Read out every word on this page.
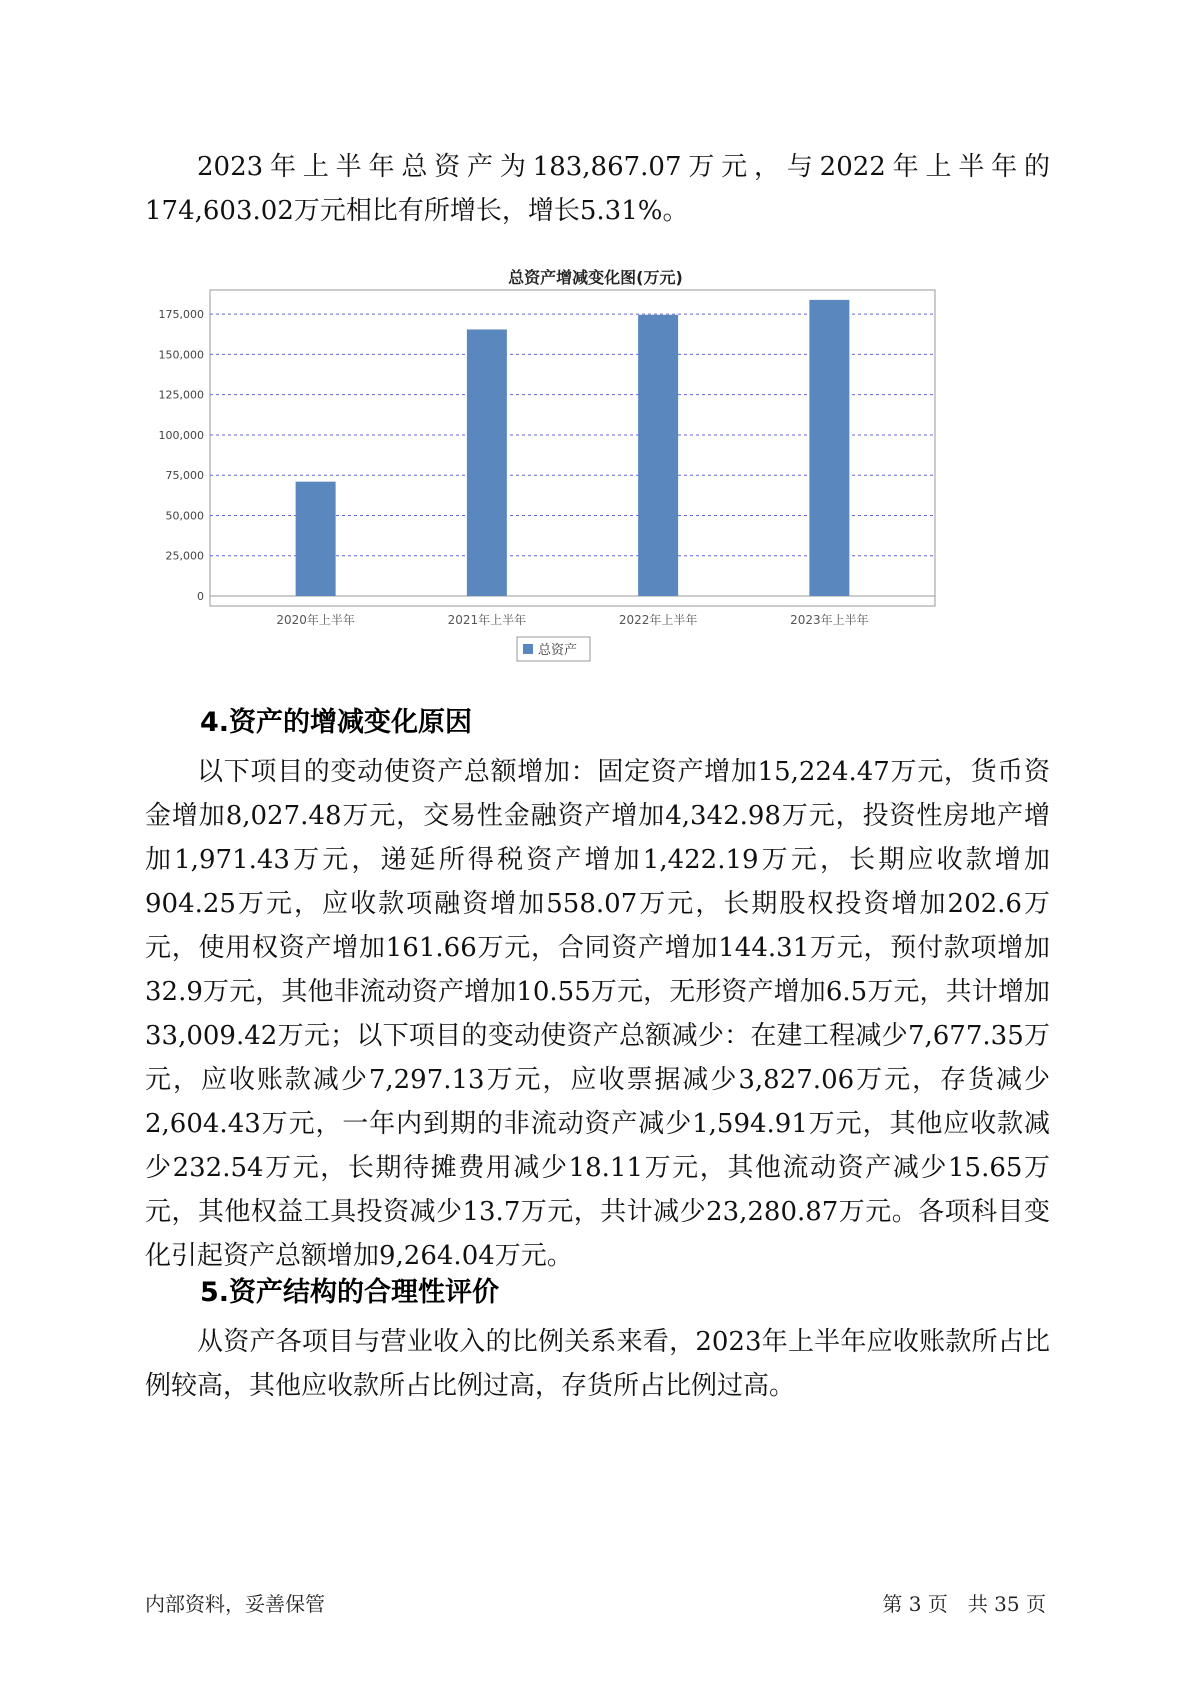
2023年上半年总资产为183,867.07万元，与2022年上半年的174,603.02万元相比有所增长，增长5.31%。

总资产增减变化图(万元)
0
25,000
50,000
75,000
100,000
125,000
150,000
175,000
2020年上半年	2021年上半年	2022年上半年	2023年上半年
总资产
4.资产的增减变化原因

以下项目的变动使资产总额增加：固定资产增加15,224.47万元，货币资金增加8,027.48万元，交易性金融资产增加4,342.98万元，投资性房地产增加1,971.43万元，递延所得税资产增加1,422.19万元，长期应收款增加904.25万元，应收款项融资增加558.07万元，长期股权投资增加202.6万元，使用权资产增加161.66万元，合同资产增加144.31万元，预付款项增加32.9万元，其他非流动资产增加10.55万元，无形资产增加6.5万元，共计增加33,009.42万元；以下项目的变动使资产总额减少：在建工程减少7,677.35万元，应收账款减少7,297.13万元，应收票据减少3,827.06万元，存货减少2,604.43万元，一年内到期的非流动资产减少1,594.91万元，其他应收款减少232.54万元，长期待摊费用减少18.11万元，其他流动资产减少15.65万元，其他权益工具投资减少13.7万元，共计减少23,280.87万元。各项科目变化引起资产总额增加9,264.04万元。

5.资产结构的合理性评价

从资产各项目与营业收入的比例关系来看，2023年上半年应收账款所占比例较高，其他应收款所占比例过高，存货所占比例过高。

内部资料，妥善保管	第 3 页　共 35 页
